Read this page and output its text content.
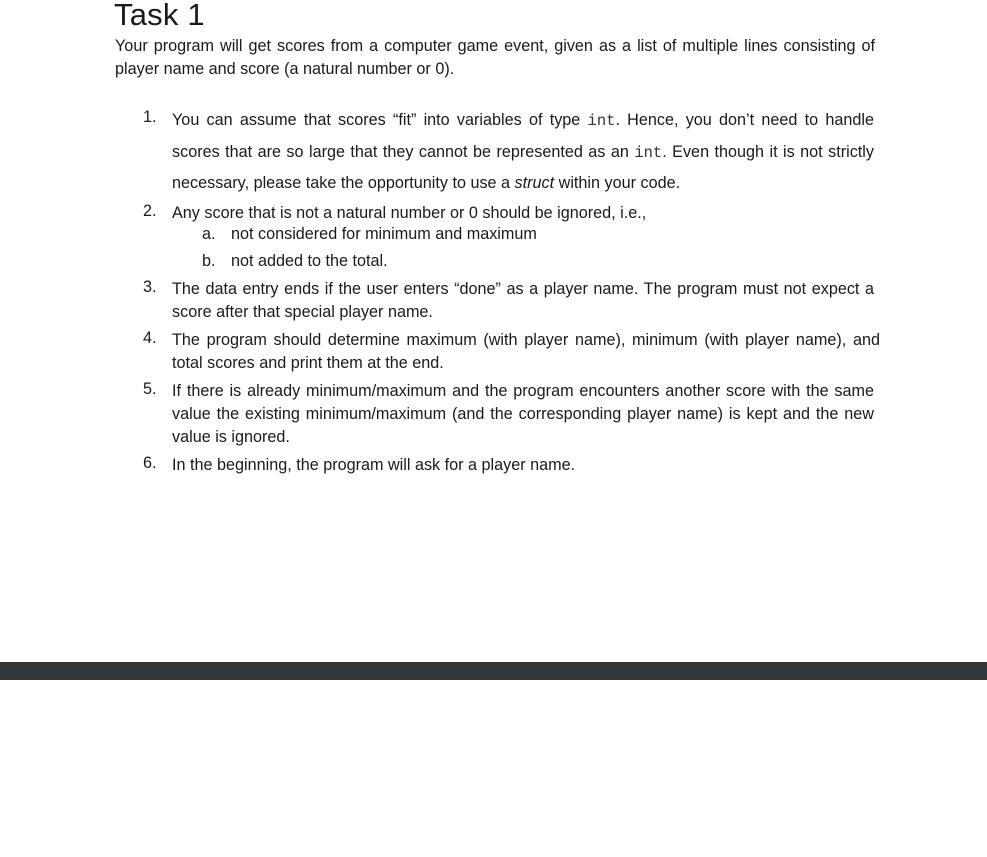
Task 1

Your program will get scores from a computer game event, given as a list of multiple lines consisting of player name and score (a natural number or 0).

1. You can assume that scores “fit” into variables of type int. Hence, you don’t need to handle scores that are so large that they cannot be represented as an int. Even though it is not strictly necessary, please take the opportunity to use a struct within your code.
2. Any score that is not a natural number or 0 should be ignored, i.e.,
a. not considered for minimum and maximum
b. not added to the total.
3. The data entry ends if the user enters “done” as a player name. The program must not expect a score after that special player name.
4. The program should determine maximum (with player name), minimum (with player name), and total scores and print them at the end.
5. If there is already minimum/maximum and the program encounters another score with the same value the existing minimum/maximum (and the corresponding player name) is kept and the new value is ignored.
6. In the beginning, the program will ask for a player name.
